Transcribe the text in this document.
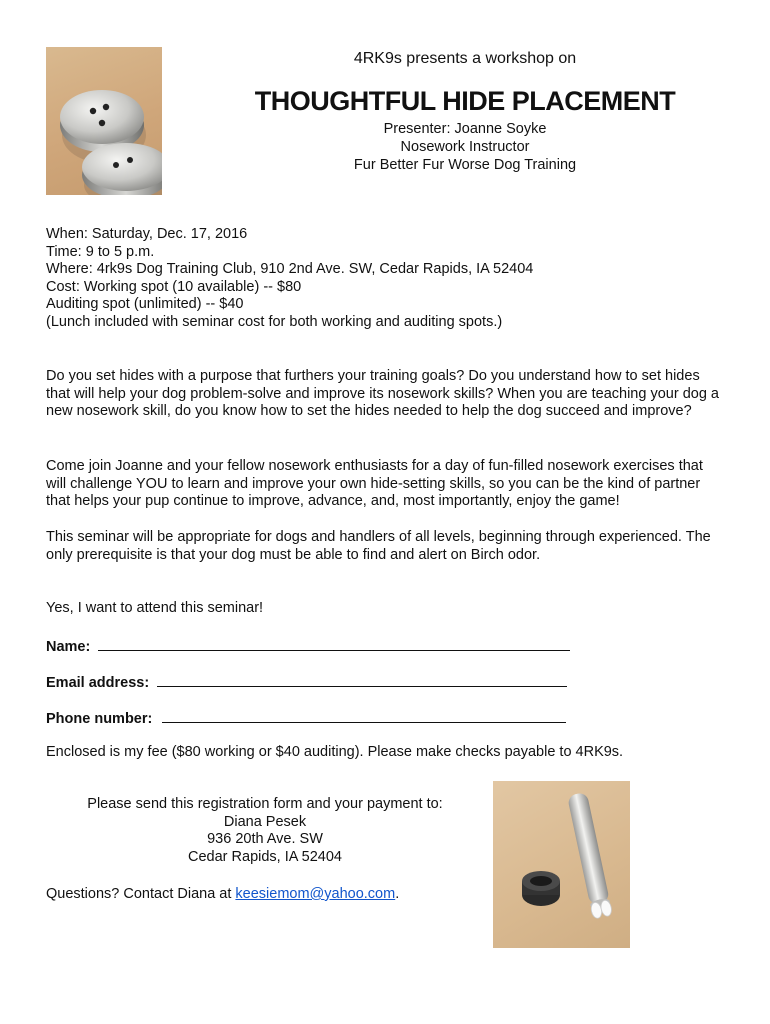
4RK9s presents a workshop on
THOUGHTFUL HIDE PLACEMENT
Presenter: Joanne Soyke
Nosework Instructor
Fur Better Fur Worse Dog Training

When: Saturday, Dec. 17, 2016

Time: 9 to 5 p.m.

Where: 4rk9s Dog Training Club, 910 2nd Ave. SW, Cedar Rapids, IA 52404

Cost: Working spot (10 available) -- $80

Auditing spot (unlimited) -- $40

(Lunch included with seminar cost for both working and auditing spots.)

Do you set hides with a purpose that furthers your training goals? Do you understand how to set hides that will help your dog problem-solve and improve its nosework skills? When you are teaching your dog a new nosework skill, do you know how to set the hides needed to help the dog succeed and improve?
Come join Joanne and your fellow nosework enthusiasts for a day of fun-filled nosework exercises that will challenge YOU to learn and improve your own hide-setting skills, so you can be the kind of partner that helps your pup continue to improve, advance, and, most importantly, enjoy the game!
This seminar will be appropriate for dogs and handlers of all levels, beginning through experienced. The only prerequisite is that your dog must be able to find and alert on Birch odor.
Yes, I want to attend this seminar!
Name:
Email address:
Phone number:
Enclosed is my fee ($80 working or $40 auditing). Please make checks payable to 4RK9s.

Please send this registration form and your payment to:

Diana Pesek

936 20th Ave. SW

Cedar Rapids, IA 52404

Questions? Contact Diana at keesiemom@yahoo.com.
